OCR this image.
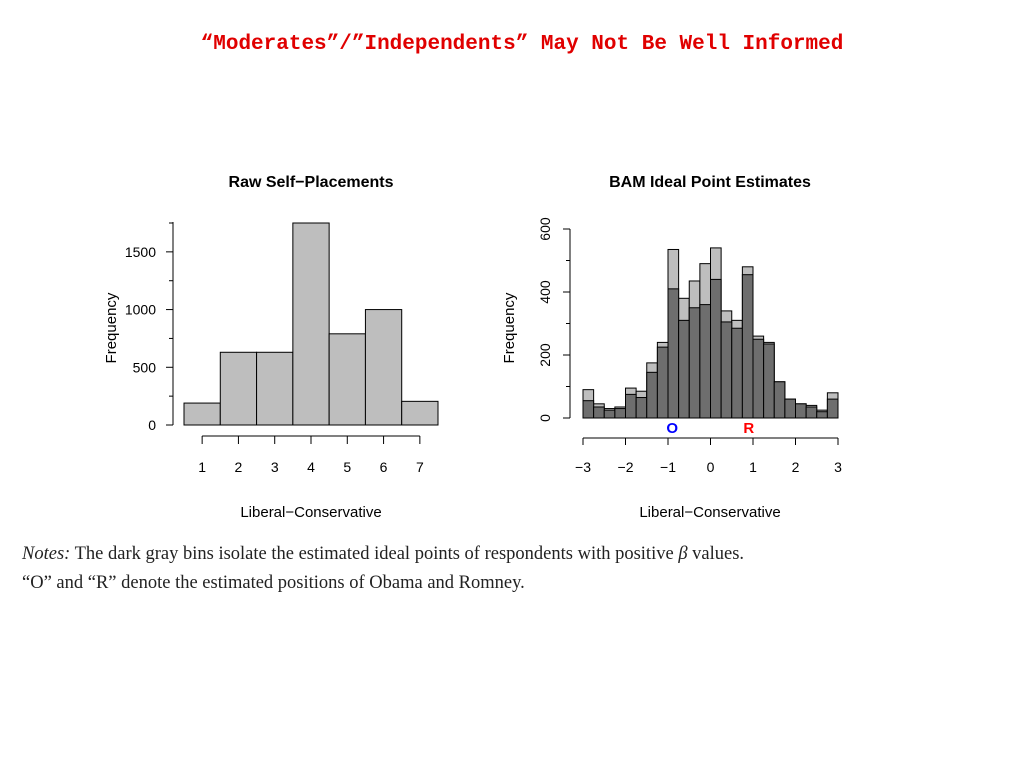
“Moderates”/”Independents” May Not Be Well Informed
Raw Self−Placements
0
500
1000
1500
1 2 3 4 5 6 7
Liberal−Conservative
Frequency
BAM Ideal Point Estimates
0
200
400
600
−3 −2 −1 0 1 2 3
O	R
Liberal−Conservative
Frequency
Notes: The dark gray bins isolate the estimated ideal points of respondents with positive β values.
“O” and “R” denote the estimated positions of Obama and Romney.
